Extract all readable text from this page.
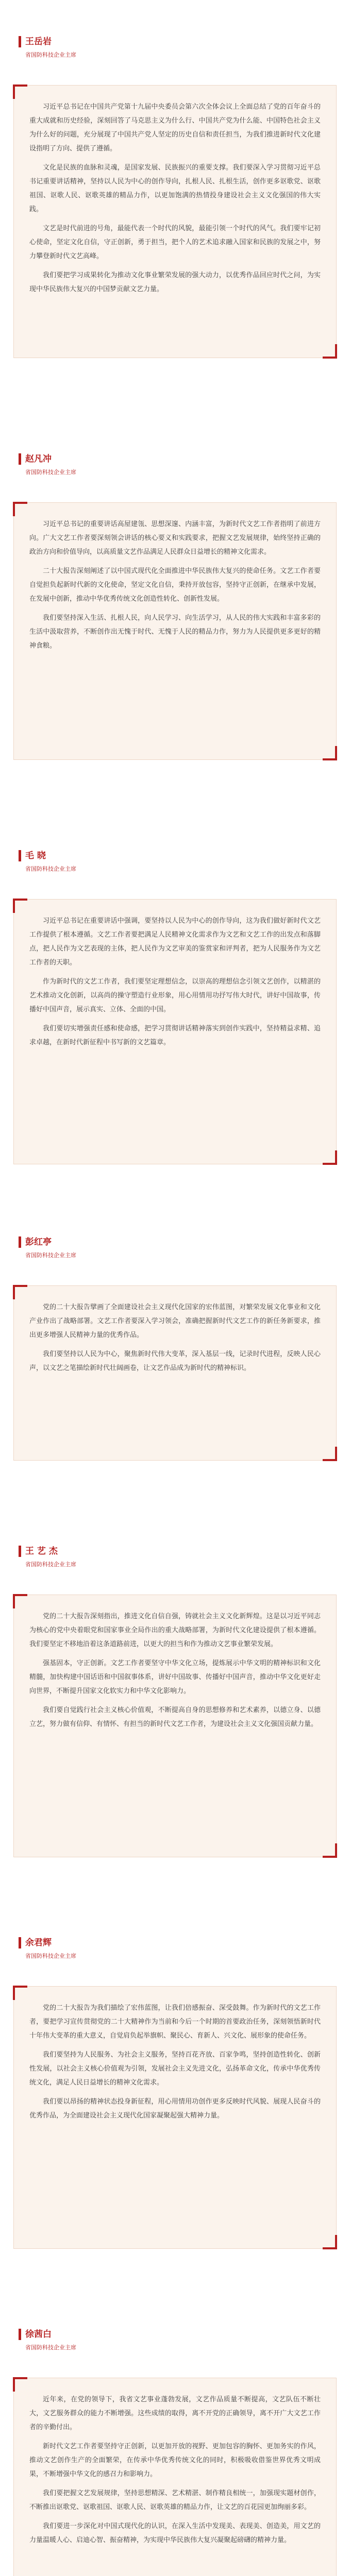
王岳岩
省国防科技企业主席

习近平总书记在中国共产党第十九届中央委员会第六次全体会议上全面总结了党的百年奋斗的重大成就和历史经验，深刻回答了马克思主义为什么行、中国共产党为什么能、中国特色社会主义为什么好的问题，充分展现了中国共产党人坚定的历史自信和责任担当，为我们推进新时代文化建设指明了方向、提供了遵循。

文化是民族的血脉和灵魂，是国家发展、民族振兴的重要支撑。我们要深入学习贯彻习近平总书记重要讲话精神，坚持以人民为中心的创作导向，扎根人民、扎根生活，创作更多讴歌党、讴歌祖国、讴歌人民、讴歌英雄的精品力作，以更加饱满的热情投身建设社会主义文化强国的伟大实践。

文艺是时代前进的号角，最能代表一个时代的风貌，最能引领一个时代的风气。我们要牢记初心使命，坚定文化自信，守正创新，勇于担当，把个人的艺术追求融入国家和民族的发展之中，努力攀登新时代文艺高峰。

我们要把学习成果转化为推动文化事业繁荣发展的强大动力，以优秀作品回应时代之问，为实现中华民族伟大复兴的中国梦贡献文艺力量。

赵凡冲
省国防科技企业主席

习近平总书记的重要讲话高屋建瓴、思想深邃、内涵丰富，为新时代文艺工作者指明了前进方向。广大文艺工作者要深刻领会讲话的核心要义和实践要求，把握文艺发展规律，始终坚持正确的政治方向和价值导向，以高质量文艺作品满足人民群众日益增长的精神文化需求。

二十大报告深刻阐述了以中国式现代化全面推进中华民族伟大复兴的使命任务。文艺工作者要自觉担负起新时代新的文化使命，坚定文化自信，秉持开放包容，坚持守正创新，在继承中发展，在发展中创新，推动中华优秀传统文化创造性转化、创新性发展。

我们要坚持深入生活、扎根人民，向人民学习、向生活学习，从人民的伟大实践和丰富多彩的生活中汲取营养，不断创作出无愧于时代、无愧于人民的精品力作，努力为人民提供更多更好的精神食粮。

毛 晓
省国防科技企业主席

习近平总书记在重要讲话中强调，要坚持以人民为中心的创作导向，这为我们做好新时代文艺工作提供了根本遵循。文艺工作者要把满足人民精神文化需求作为文艺和文艺工作的出发点和落脚点，把人民作为文艺表现的主体，把人民作为文艺审美的鉴赏家和评判者，把为人民服务作为文艺工作者的天职。

作为新时代的文艺工作者，我们要坚定理想信念，以崇高的理想信念引领文艺创作，以精湛的艺术推动文化创新，以高尚的操守塑造行业形象，用心用情用功抒写伟大时代，讲好中国故事，传播好中国声音，展示真实、立体、全面的中国。

我们要切实增强责任感和使命感，把学习贯彻讲话精神落实到创作实践中，坚持精益求精、追求卓越，在新时代新征程中书写新的文艺篇章。

彭红亭
省国防科技企业主席

党的二十大报告擘画了全面建设社会主义现代化国家的宏伟蓝图，对繁荣发展文化事业和文化产业作出了战略部署。文艺工作者要深入学习领会，准确把握新时代文艺工作的新任务新要求，推出更多增强人民精神力量的优秀作品。

我们要坚持以人民为中心，聚焦新时代伟大变革，深入基层一线，记录时代进程，反映人民心声，以文艺之笔描绘新时代壮阔画卷，让文艺作品成为新时代的精神标识。

王 艺 杰
省国防科技企业主席

党的二十大报告深刻指出，推进文化自信自强，铸就社会主义文化新辉煌。这是以习近平同志为核心的党中央着眼党和国家事业全局作出的重大战略部署，为新时代文化建设提供了根本遵循。我们要坚定不移地沿着这条道路前进，以更大的担当和作为推动文艺事业繁荣发展。

强基固本，守正创新。文艺工作者要坚守中华文化立场，提炼展示中华文明的精神标识和文化精髓，加快构建中国话语和中国叙事体系，讲好中国故事、传播好中国声音，推动中华文化更好走向世界，不断提升国家文化软实力和中华文化影响力。

我们要自觉践行社会主义核心价值观，不断提高自身的思想修养和艺术素养，以德立身、以德立艺，努力做有信仰、有情怀、有担当的新时代文艺工作者，为建设社会主义文化强国贡献力量。

余君辉
省国防科技企业主席

党的二十大报告为我们描绘了宏伟蓝图，让我们倍感振奋、深受鼓舞。作为新时代的文艺工作者，要把学习宣传贯彻党的二十大精神作为当前和今后一个时期的首要政治任务，深刻领悟新时代十年伟大变革的重大意义，自觉肩负起举旗帜、聚民心、育新人、兴文化、展形象的使命任务。

我们要坚持为人民服务、为社会主义服务，坚持百花齐放、百家争鸣，坚持创造性转化、创新性发展，以社会主义核心价值观为引领，发展社会主义先进文化，弘扬革命文化，传承中华优秀传统文化，满足人民日益增长的精神文化需求。

我们要以昂扬的精神状态投身新征程，用心用情用功创作更多反映时代风貌、展现人民奋斗的优秀作品，为全面建设社会主义现代化国家凝聚起强大精神力量。

徐茜白
省国防科技企业主席

近年来，在党的领导下，我省文艺事业蓬勃发展，文艺作品质量不断提高，文艺队伍不断壮大，文艺服务群众的能力不断增强。这些成绩的取得，离不开党的正确领导，离不开广大文艺工作者的辛勤付出。

新时代文艺工作者要坚持守正创新，以更加开放的视野、更加包容的胸怀、更加务实的作风，推动文艺创作生产的全面繁荣，在传承中华优秀传统文化的同时，积极吸收借鉴世界优秀文明成果，不断增强中华文化的感召力和影响力。

我们要把握文艺发展规律，坚持思想精深、艺术精湛、制作精良相统一，加强现实题材创作，不断推出讴歌党、讴歌祖国、讴歌人民、讴歌英雄的精品力作，让文艺的百花园更加绚丽多彩。

我们要进一步深化对中国式现代化的认识，在深入生活中发现美、表现美、创造美，用文艺的力量温暖人心、启迪心智、振奋精神，为实现中华民族伟大复兴凝聚起磅礴的精神力量。
